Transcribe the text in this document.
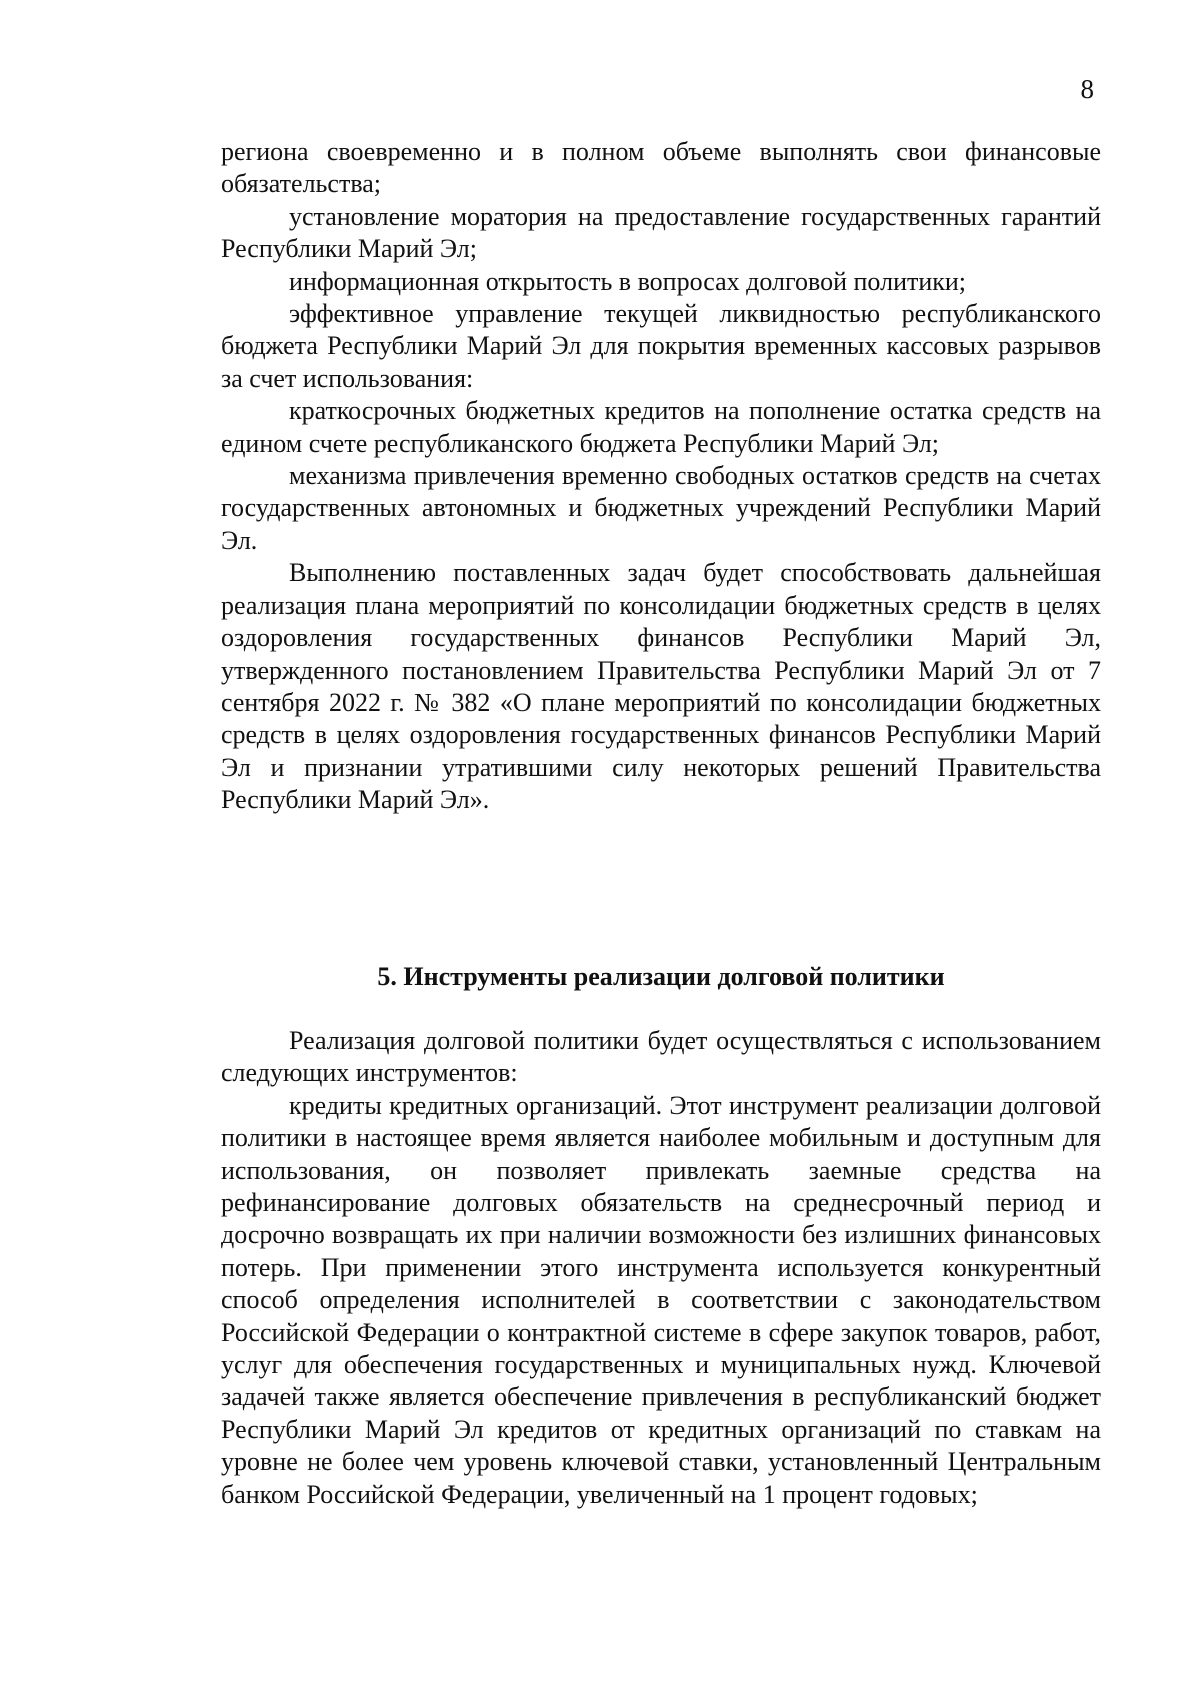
8

региона своевременно и в полном объеме выполнять свои финансовые обязательства;

установление моратория на предоставление государственных гарантий Республики Марий Эл;

информационная открытость в вопросах долговой политики;

эффективное управление текущей ликвидностью республиканского бюджета Республики Марий Эл для покрытия временных кассовых разрывов за счет использования:

краткосрочных бюджетных кредитов на пополнение остатка средств на едином счете республиканского бюджета Республики Марий Эл;

механизма привлечения временно свободных остатков средств на счетах государственных автономных и бюджетных учреждений Республики Марий Эл.

Выполнению поставленных задач будет способствовать дальнейшая реализация плана мероприятий по консолидации бюджетных средств в целях оздоровления государственных финансов Республики Марий Эл, утвержденного постановлением Правительства Республики Марий Эл от 7 сентября 2022 г. № 382 «О плане мероприятий по консолидации бюджетных средств в целях оздоровления государственных финансов Республики Марий Эл и признании утратившими силу некоторых решений Правительства Республики Марий Эл».

5. Инструменты реализации долговой политики

Реализация долговой политики будет осуществляться с использованием следующих инструментов:

кредиты кредитных организаций. Этот инструмент реализации долговой политики в настоящее время является наиболее мобильным и доступным для использования, он позволяет привлекать заемные средства на рефинансирование долговых обязательств на среднесрочный период и досрочно возвращать их при наличии возможности без излишних финансовых потерь. При применении этого инструмента используется конкурентный способ определения исполнителей в соответствии с законодательством Российской Федерации о контрактной системе в сфере закупок товаров, работ, услуг для обеспечения государственных и муниципальных нужд. Ключевой задачей также является обеспечение привлечения в республиканский бюджет Республики Марий Эл кредитов от кредитных организаций по ставкам на уровне не более чем уровень ключевой ставки, установленный Центральным банком Российской Федерации, увеличенный на 1 процент годовых;
